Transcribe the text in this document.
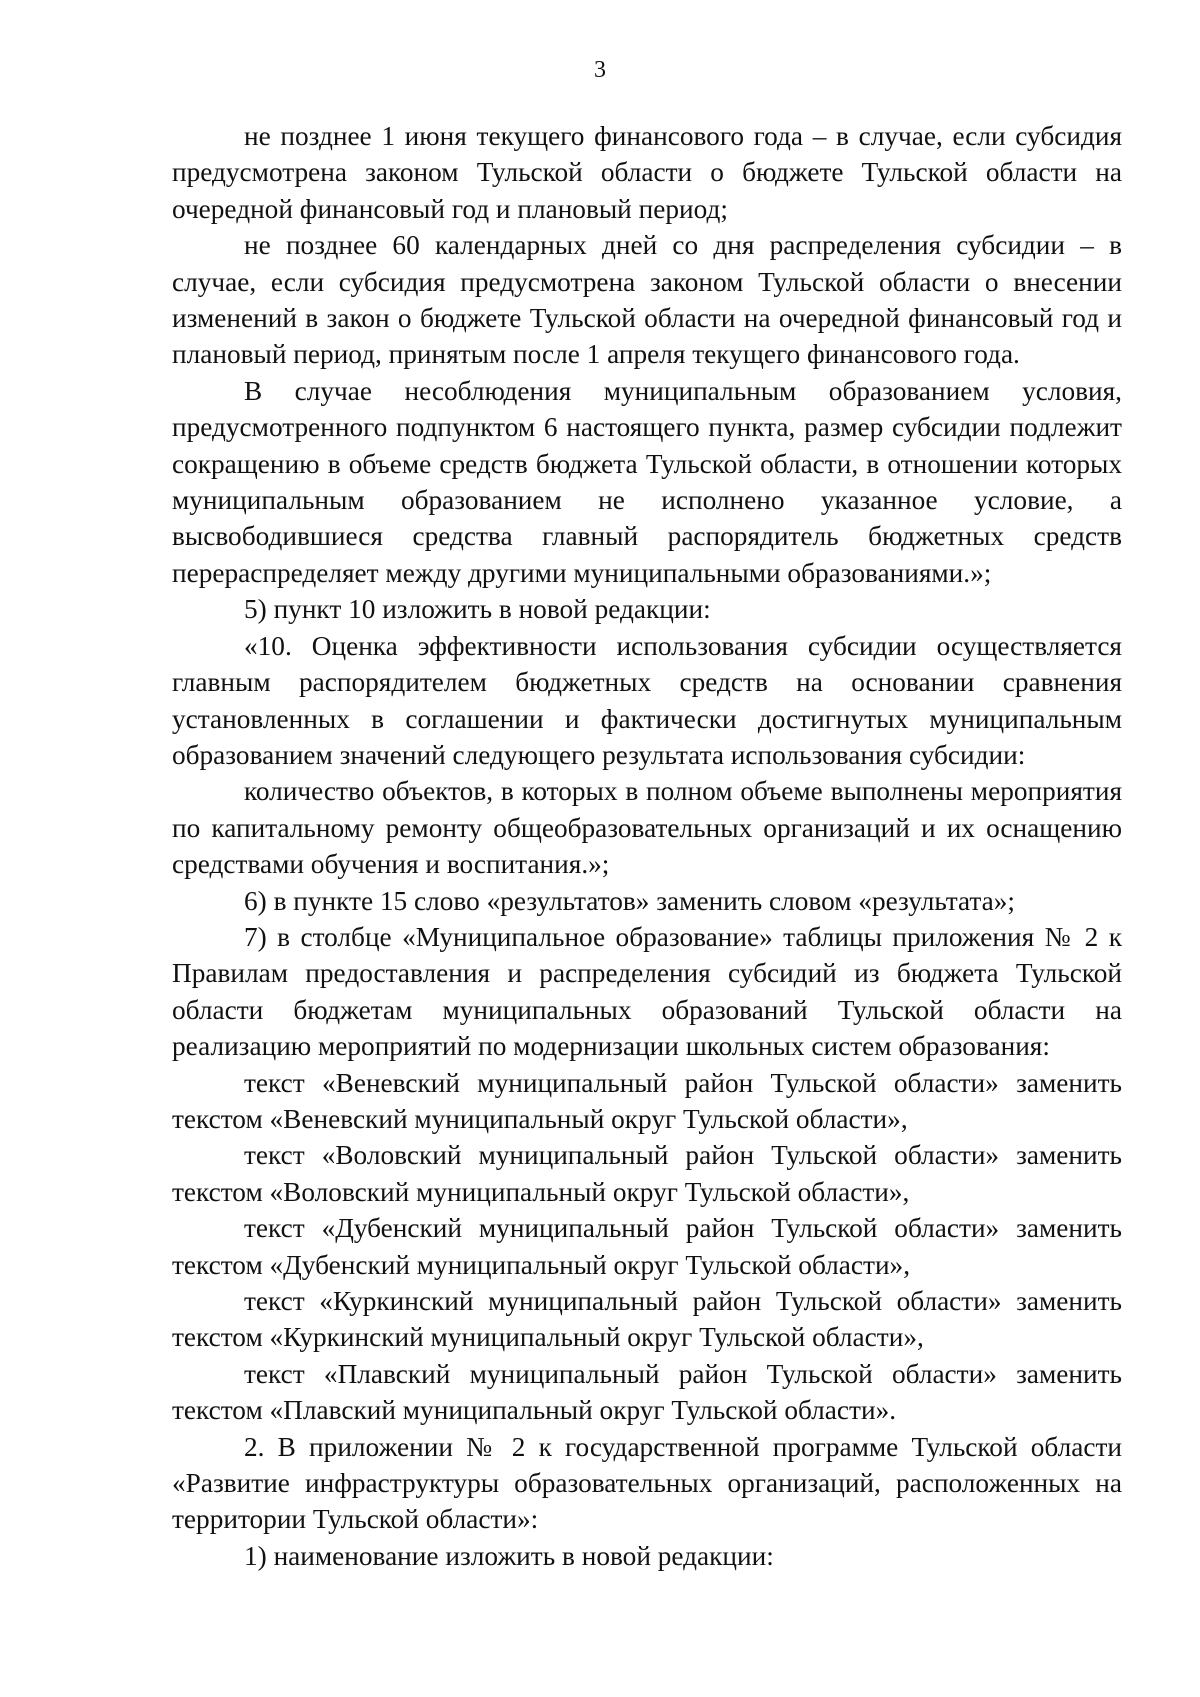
3

не позднее 1 июня текущего финансового года – в случае, если субсидия предусмотрена законом Тульской области о бюджете Тульской области на очередной финансовый год и плановый период;

не позднее 60 календарных дней со дня распределения субсидии – в случае, если субсидия предусмотрена законом Тульской области о внесении изменений в закон о бюджете Тульской области на очередной финансовый год и плановый период, принятым после 1 апреля текущего финансового года.

В случае несоблюдения муниципальным образованием условия, предусмотренного подпунктом 6 настоящего пункта, размер субсидии подлежит сокращению в объеме средств бюджета Тульской области, в отношении которых муниципальным образованием не исполнено указанное условие, а высвободившиеся средства главный распорядитель бюджетных средств перераспределяет между другими муниципальными образованиями.»;

5) пункт 10 изложить в новой редакции:

«10. Оценка эффективности использования субсидии осуществляется главным распорядителем бюджетных средств на основании сравнения установленных в соглашении и фактически достигнутых муниципальным образованием значений следующего результата использования субсидии:

количество объектов, в которых в полном объеме выполнены мероприятия по капитальному ремонту общеобразовательных организаций и их оснащению средствами обучения и воспитания.»;

6) в пункте 15 слово «результатов» заменить словом «результата»;

7) в столбце «Муниципальное образование» таблицы приложения № 2 к Правилам предоставления и распределения субсидий из бюджета Тульской области бюджетам муниципальных образований Тульской области на реализацию мероприятий по модернизации школьных систем образования:

текст «Веневский муниципальный район Тульской области» заменить текстом «Веневский муниципальный округ Тульской области»,

текст «Воловский муниципальный район Тульской области» заменить текстом «Воловский муниципальный округ Тульской области»,

текст «Дубенский муниципальный район Тульской области» заменить текстом «Дубенский муниципальный округ Тульской области»,

текст «Куркинский муниципальный район Тульской области» заменить текстом «Куркинский муниципальный округ Тульской области»,

текст «Плавский муниципальный район Тульской области» заменить текстом «Плавский муниципальный округ Тульской области».

2. В приложении № 2 к государственной программе Тульской области «Развитие инфраструктуры образовательных организаций, расположенных на территории Тульской области»:

1) наименование изложить в новой редакции:
